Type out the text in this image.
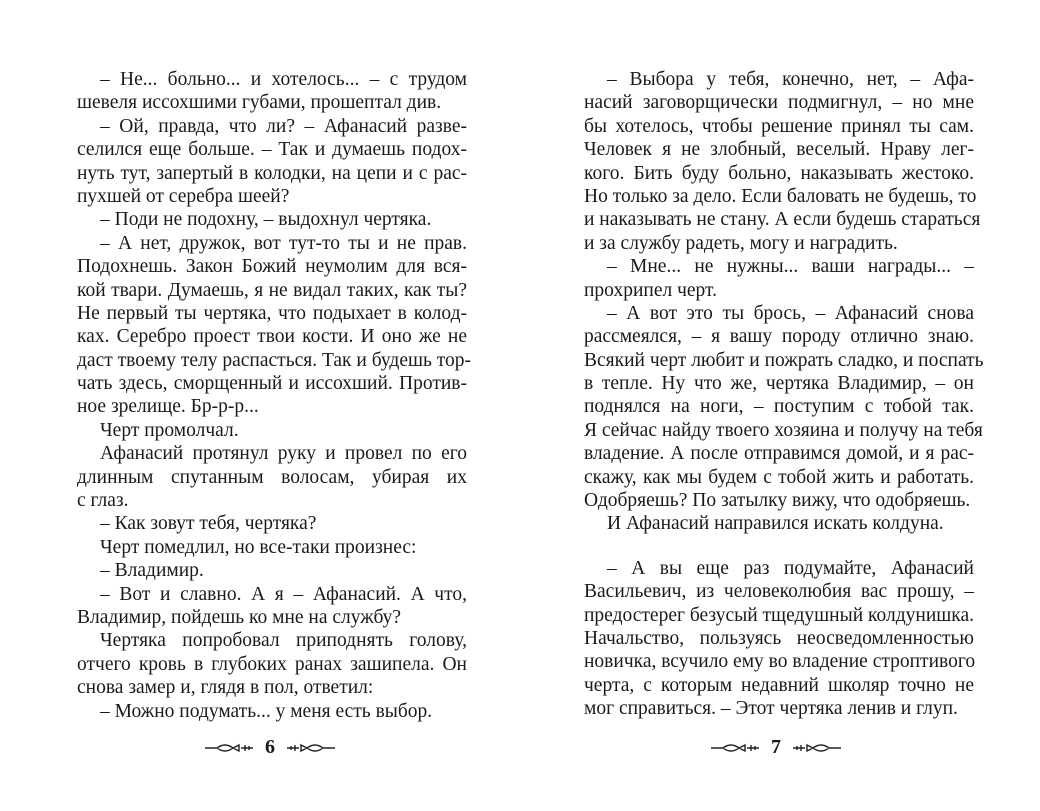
– Не... больно... и хотелось... – с трудом
шевеля иссохшими губами, прошептал див.
– Ой, правда, что ли? – Афанасий разве-
селился еще больше. – Так и думаешь подох-
нуть тут, запертый в колодки, на цепи и с рас-
пухшей от серебра шеей?
– Поди не подохну, – выдохнул чертяка.
– А нет, дружок, вот тут-то ты и не прав.
Подохнешь. Закон Божий неумолим для вся-
кой твари. Думаешь, я не видал таких, как ты?
Не первый ты чертяка, что подыхает в колод-
ках. Серебро проест твои кости. И оно же не
даст твоему телу распасться. Так и будешь тор-
чать здесь, сморщенный и иссохший. Против-
ное зрелище. Бр-р-р...
Черт промолчал.
Афанасий протянул руку и провел по его
длинным спутанным волосам, убирая их
с глаз.
– Как зовут тебя, чертяка?
Черт помедлил, но все-таки произнес:
– Владимир.
– Вот и славно. А я – Афанасий. А что,
Владимир, пойдешь ко мне на службу?
Чертяка попробовал приподнять голову,
отчего кровь в глубоких ранах зашипела. Он
снова замер и, глядя в пол, ответил:
– Можно подумать... у меня есть выбор.
– Выбора у тебя, конечно, нет, – Афа-
насий заговорщически подмигнул, – но мне
бы хотелось, чтобы решение принял ты сам.
Человек я не злобный, веселый. Нраву лег-
кого. Бить буду больно, наказывать жестоко.
Но только за дело. Если баловать не будешь, то
и наказывать не стану. А если будешь стараться
и за службу радеть, могу и наградить.
– Мне... не нужны... ваши награды... –
прохрипел черт.
– А вот это ты брось, – Афанасий снова
рассмеялся, – я вашу породу отлично знаю.
Всякий черт любит и пожрать сладко, и поспать
в тепле. Ну что же, чертяка Владимир, – он
поднялся на ноги, – поступим с тобой так.
Я сейчас найду твоего хозяина и получу на тебя
владение. А после отправимся домой, и я рас-
скажу, как мы будем с тобой жить и работать.
Одобряешь? По затылку вижу, что одобряешь.
И Афанасий направился искать колдуна.
– А вы еще раз подумайте, Афанасий
Васильевич, из человеколюбия вас прошу, –
предостерег безусый тщедушный колдунишка.
Начальство, пользуясь неосведомленностью
новичка, всучило ему во владение строптивого
черта, с которым недавний школяр точно не
мог справиться. – Этот чертяка ленив и глуп.
6	7
